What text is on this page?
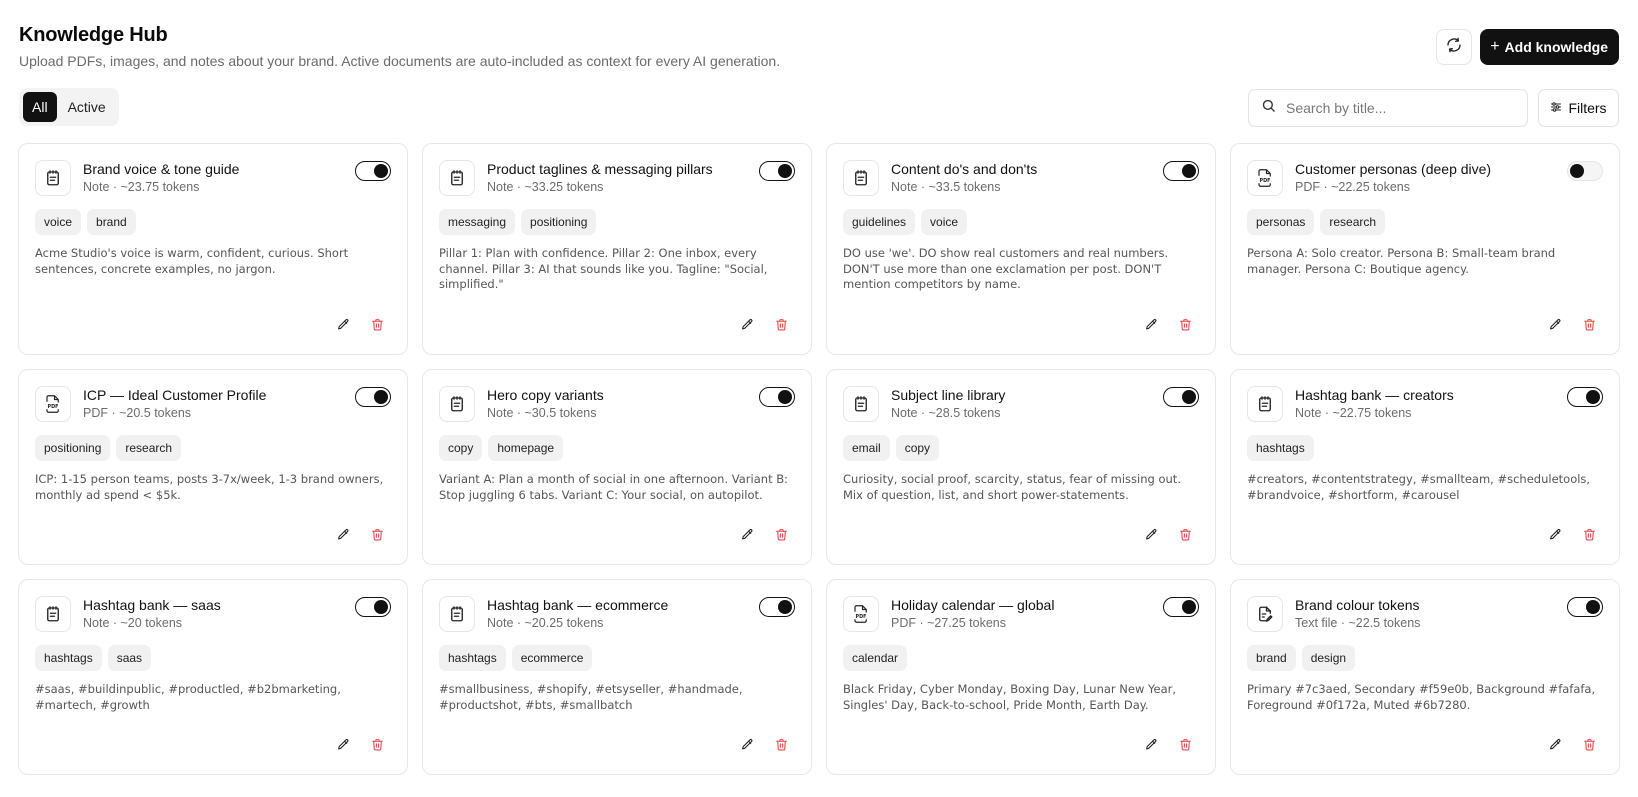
Knowledge Hub

Upload PDFs, images, and notes about your brand. Active documents are auto-included as context for every AI generation.

+ Add knowledge
All	Active
Search by title...	Filters
Brand voice & tone guide
Note · ~23.75 tokens
voice	brand
Acme Studio's voice is warm, confident, curious. Short sentences, concrete examples, no jargon.
Product taglines & messaging pillars
Note · ~33.25 tokens
messaging	positioning
Pillar 1: Plan with confidence. Pillar 2: One inbox, every channel. Pillar 3: AI that sounds like you. Tagline: "Social, simplified."
Content do's and don'ts
Note · ~33.5 tokens
guidelines	voice
DO use 'we'. DO show real customers and real numbers. DON'T use more than one exclamation per post. DON'T mention competitors by name.
PDF
Customer personas (deep dive)
PDF · ~22.25 tokens
personas	research
Persona A: Solo creator. Persona B: Small-team brand manager. Persona C: Boutique agency.
PDF
ICP — Ideal Customer Profile
PDF · ~20.5 tokens
positioning	research
ICP: 1-15 person teams, posts 3-7x/week, 1-3 brand owners, monthly ad spend < $5k.
Hero copy variants
Note · ~30.5 tokens
copy	homepage
Variant A: Plan a month of social in one afternoon. Variant B: Stop juggling 6 tabs. Variant C: Your social, on autopilot.
Subject line library
Note · ~28.5 tokens
email	copy
Curiosity, social proof, scarcity, status, fear of missing out. Mix of question, list, and short power-statements.
Hashtag bank — creators
Note · ~22.75 tokens
hashtags
#creators, #contentstrategy, #smallteam, #scheduletools, #brandvoice, #shortform, #carousel
Hashtag bank — saas
Note · ~20 tokens
hashtags	saas
#saas, #buildinpublic, #productled, #b2bmarketing, #martech, #growth
Hashtag bank — ecommerce
Note · ~20.25 tokens
hashtags	ecommerce
#smallbusiness, #shopify, #etsyseller, #handmade, #productshot, #bts, #smallbatch
PDF
Holiday calendar — global
PDF · ~27.25 tokens
calendar
Black Friday, Cyber Monday, Boxing Day, Lunar New Year, Singles' Day, Back-to-school, Pride Month, Earth Day.
Brand colour tokens
Text file · ~22.5 tokens
brand	design
Primary #7c3aed, Secondary #f59e0b, Background #fafafa, Foreground #0f172a, Muted #6b7280.
